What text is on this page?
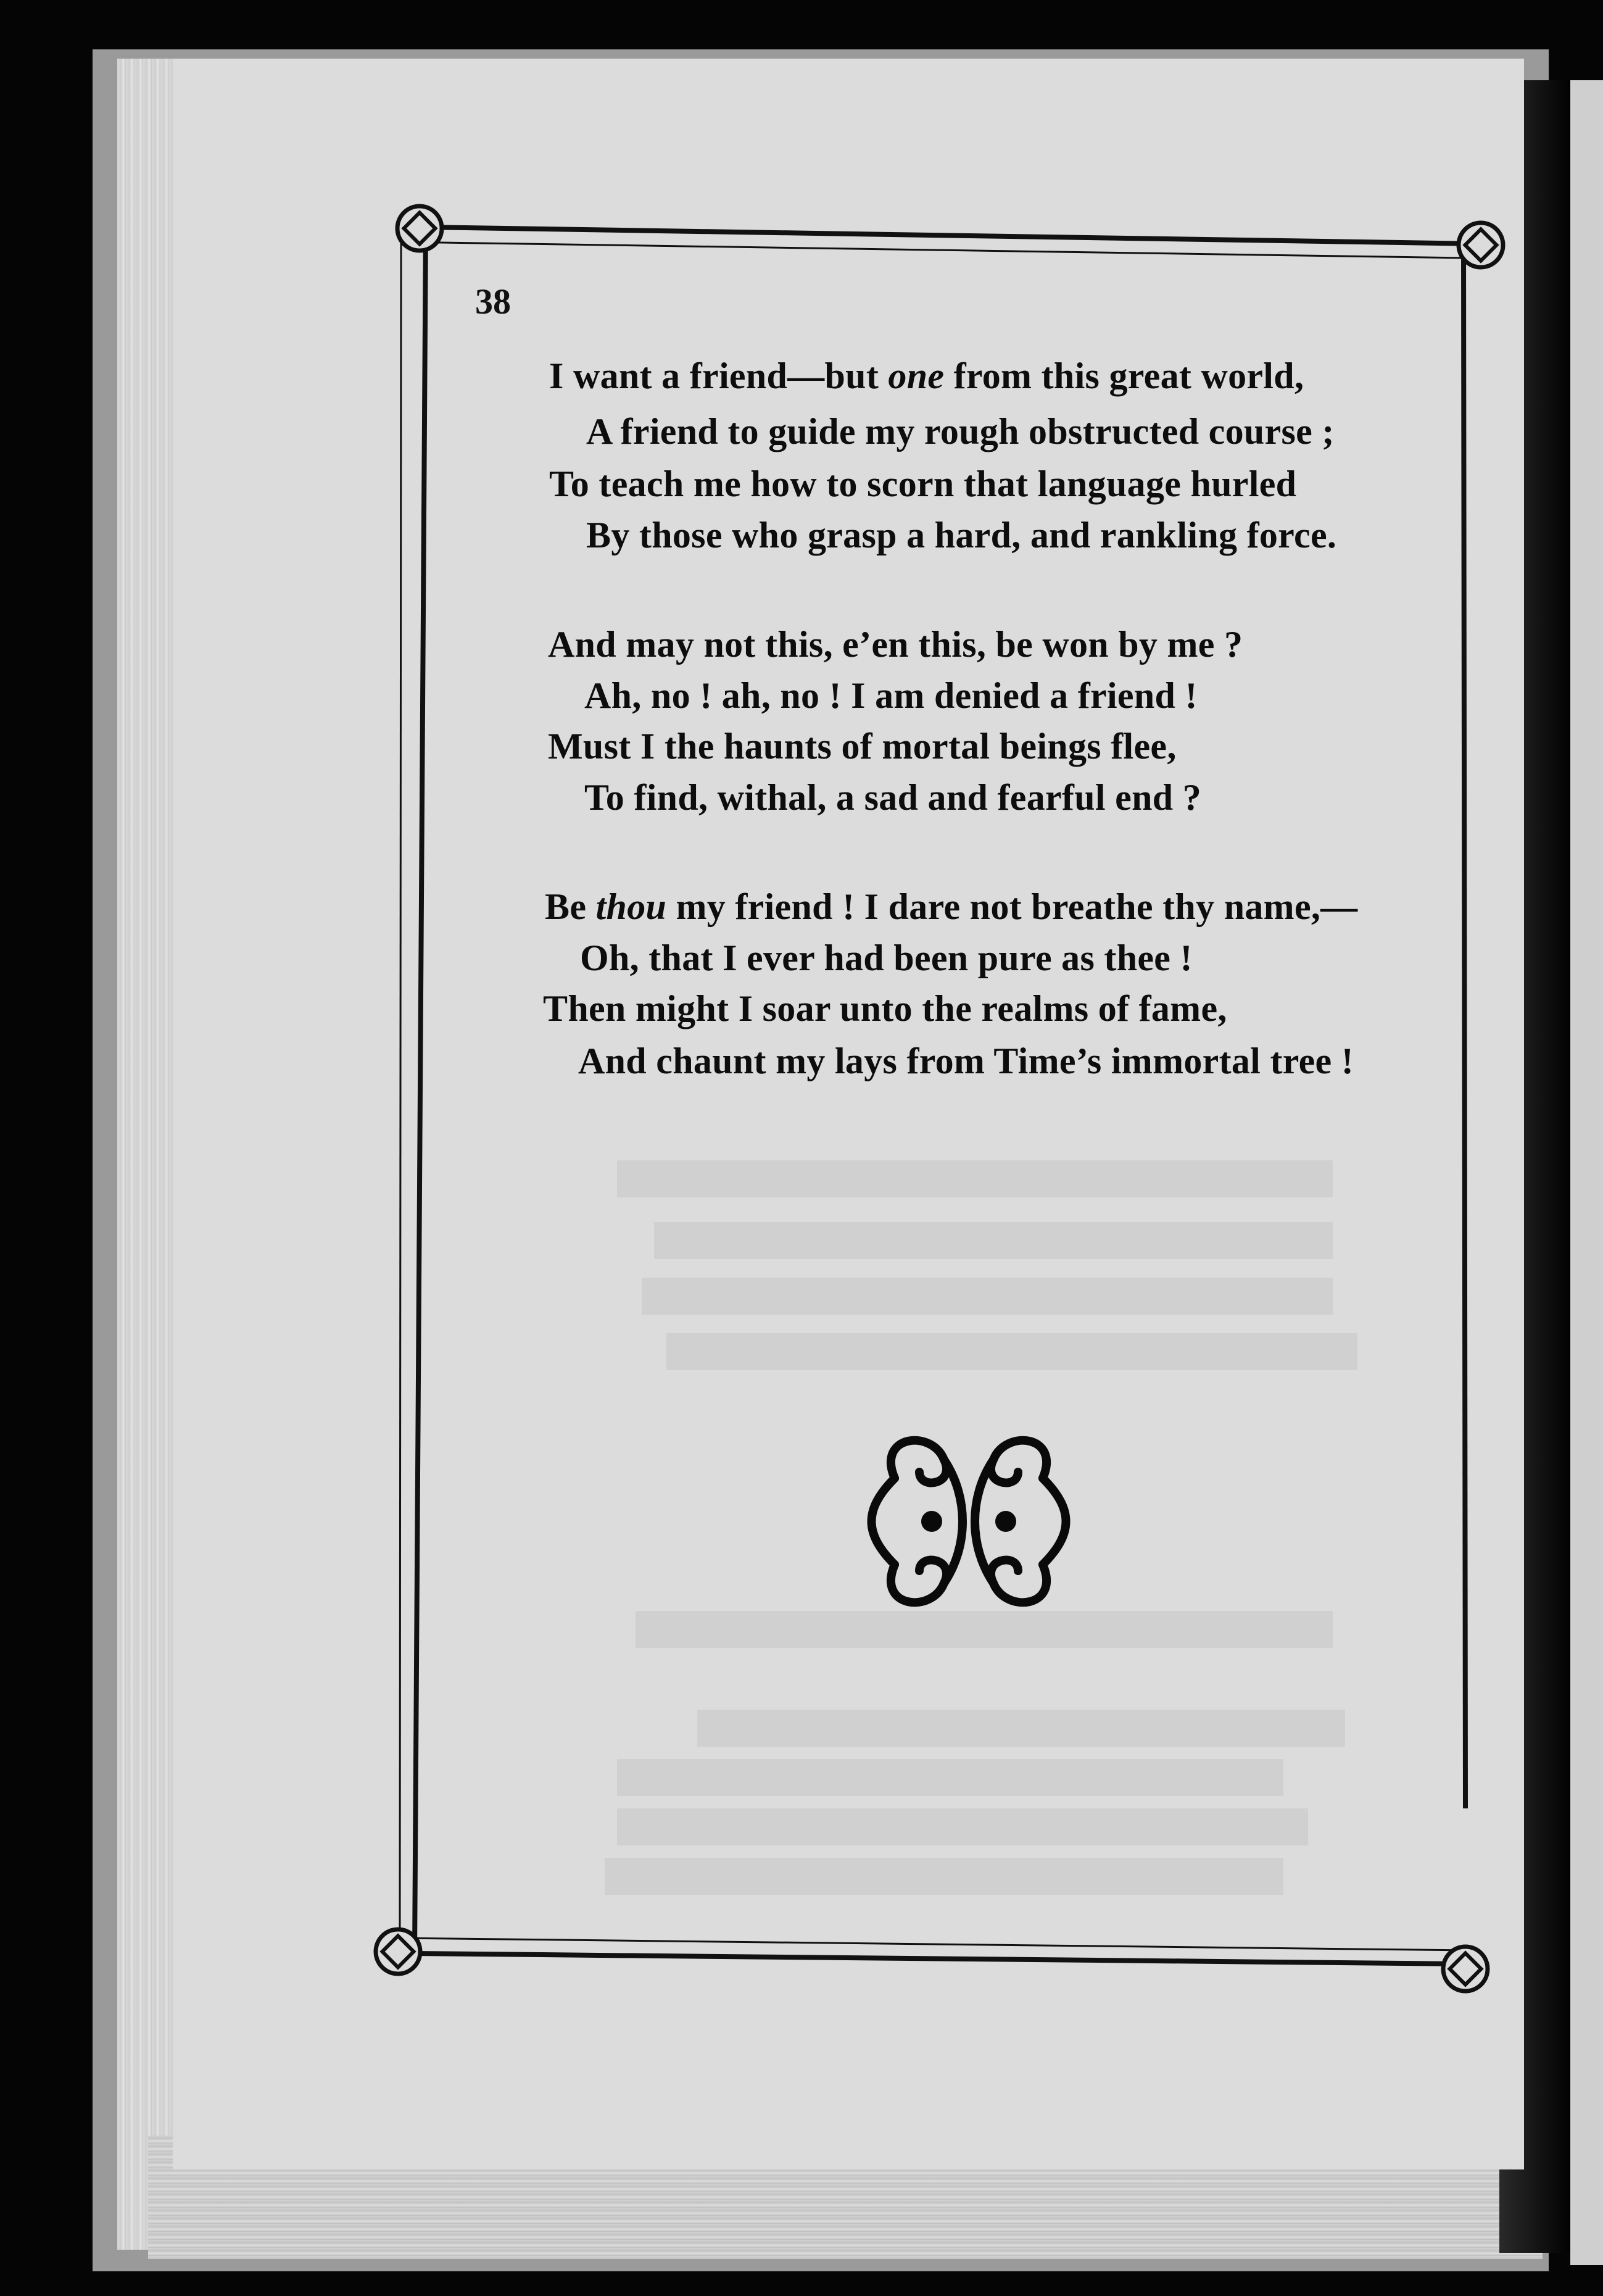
38
I want a friend—but one from this great world,
A friend to guide my rough obstructed course ;
To teach me how to scorn that language hurled
By those who grasp a hard, and rankling force.
And may not this, e’en this, be won by me ?
Ah, no ! ah, no ! I am denied a friend !
Must I the haunts of mortal beings flee,
To find, withal, a sad and fearful end ?
Be thou my friend ! I dare not breathe thy name,—
Oh, that I ever had been pure as thee !
Then might I soar unto the realms of fame,
And chaunt my lays from Time’s immortal tree !
